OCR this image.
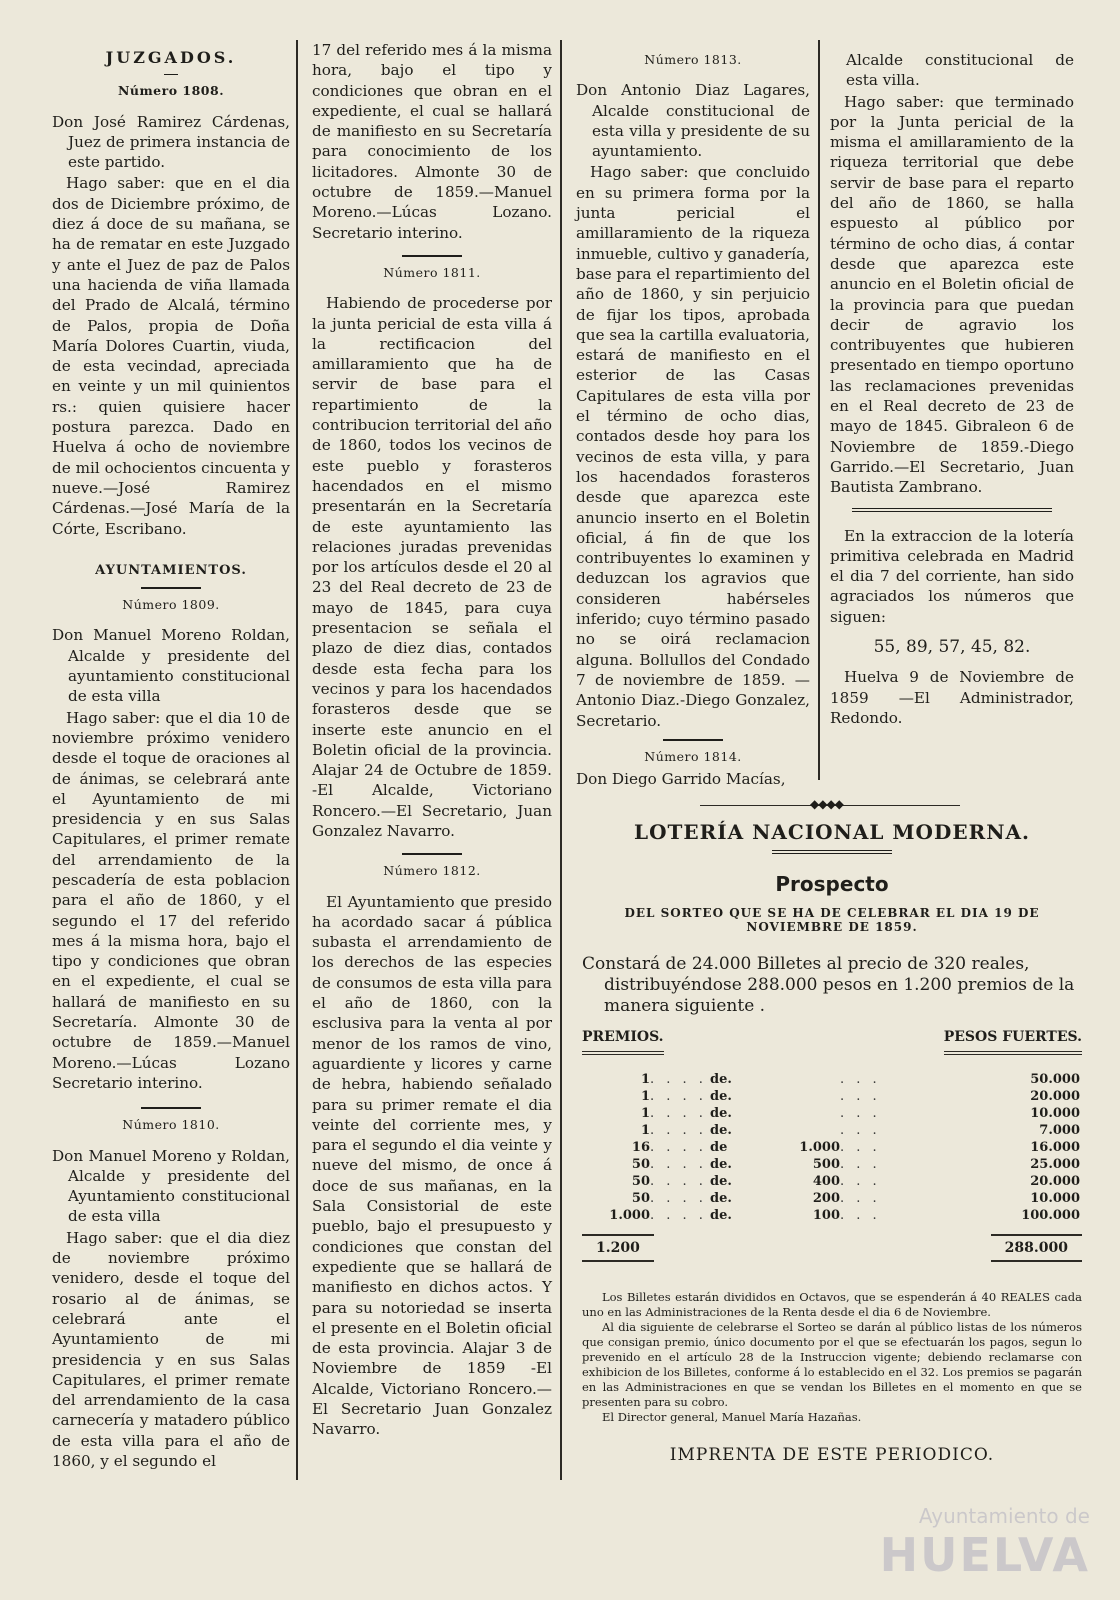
JUZGADOS.
Número 1808.

Don José Ramirez Cárdenas, Juez de primera instancia de este partido.

Hago saber: que en el dia dos de Diciembre próximo, de diez á doce de su mañana, se ha de rematar en este Juzgado y ante el Juez de paz de Palos una hacienda de viña llamada del Prado de Alcalá, término de Palos, propia de Doña María Dolores Cuartin, viuda, de esta vecindad, apreciada en veinte y un mil quinientos rs.: quien quisiere hacer postura parezca. Dado en Huelva á ocho de noviembre de mil ochocientos cincuenta y nueve.—José Ramirez Cárdenas.—José María de la Córte, Escribano.

AYUNTAMIENTOS.
Número 1809.

Don Manuel Moreno Roldan, Alcalde y presidente del ayuntamiento constitucional de esta villa

Hago saber: que el dia 10 de noviembre próximo venidero desde el toque de oraciones al de ánimas, se celebrará ante el Ayuntamiento de mi presidencia y en sus Salas Capitulares, el primer remate del arrendamiento de la pescadería de esta poblacion para el año de 1860, y el segundo el 17 del referido mes á la misma hora, bajo el tipo y condiciones que obran en el expediente, el cual se hallará de manifiesto en su Secretaría. Almonte 30 de octubre de 1859.—Manuel Moreno.—Lúcas Lozano Secretario interino.

Número 1810.

Don Manuel Moreno y Roldan, Alcalde y presidente del Ayuntamiento constitucional de esta villa

Hago saber: que el dia diez de noviembre próximo venidero, desde el toque del rosario al de ánimas, se celebrará ante el Ayuntamiento de mi presidencia y en sus Salas Capitulares, el primer remate del arrendamiento de la casa carnecería y matadero público de esta villa para el año de 1860, y el segundo el

17 del referido mes á la misma hora, bajo el tipo y condiciones que obran en el expediente, el cual se hallará de manifiesto en su Secretaría para conocimiento de los licitadores. Almonte 30 de octubre de 1859.—Manuel Moreno.—Lúcas Lozano. Secretario interino.

Número 1811.

Habiendo de procederse por la junta pericial de esta villa á la rectificacion del amillaramiento que ha de servir de base para el repartimiento de la contribucion territorial del año de 1860, todos los vecinos de este pueblo y forasteros hacendados en el mismo presentarán en la Secretaría de este ayuntamiento las relaciones juradas prevenidas por los artículos desde el 20 al 23 del Real decreto de 23 de mayo de 1845, para cuya presentacion se señala el plazo de diez dias, contados desde esta fecha para los vecinos y para los hacendados forasteros desde que se inserte este anuncio en el Boletin oficial de la provincia. Alajar 24 de Octubre de 1859. -El Alcalde, Victoriano Roncero.—El Secretario, Juan Gonzalez Navarro.

Número 1812.

El Ayuntamiento que presido ha acordado sacar á pública subasta el arrendamiento de los derechos de las especies de consumos de esta villa para el año de 1860, con la esclusiva para la venta al por menor de los ramos de vino, aguardiente y licores y carne de hebra, habiendo señalado para su primer remate el dia veinte del corriente mes, y para el segundo el dia veinte y nueve del mismo, de once á doce de sus mañanas, en la Sala Consistorial de este pueblo, bajo el presupuesto y condiciones que constan del expediente que se hallará de manifiesto en dichos actos. Y para su notoriedad se inserta el presente en el Boletin oficial de esta provincia. Alajar 3 de Noviembre de 1859 -El Alcalde, Victoriano Roncero.—El Secretario Juan Gonzalez Navarro.

Número 1813.

Don Antonio Diaz Lagares, Alcalde constitucional de esta villa y presidente de su ayuntamiento.

Hago saber: que concluido en su primera forma por la junta pericial el amillaramiento de la riqueza inmueble, cultivo y ganadería, base para el repartimiento del año de 1860, y sin perjuicio de fijar los tipos, aprobada que sea la cartilla evaluatoria, estará de manifiesto en el esterior de las Casas Capitulares de esta villa por el término de ocho dias, contados desde hoy para los vecinos de esta villa, y para los hacendados forasteros desde que aparezca este anuncio inserto en el Boletin oficial, á fin de que los contribuyentes lo examinen y deduzcan los agravios que consideren habérseles inferido; cuyo término pasado no se oirá reclamacion alguna. Bollullos del Condado 7 de noviembre de 1859. —Antonio Diaz.-Diego Gonzalez, Secretario.

Número 1814.

Don Diego Garrido Macías,

Alcalde constitucional de esta villa.

Hago saber: que terminado por la Junta pericial de la misma el amillaramiento de la riqueza territorial que debe servir de base para el reparto del año de 1860, se halla espuesto al público por término de ocho dias, á contar desde que aparezca este anuncio en el Boletin oficial de la provincia para que puedan decir de agravio los contribuyentes que hubieren presentado en tiempo oportuno las reclamaciones prevenidas en el Real decreto de 23 de mayo de 1845. Gibraleon 6 de Noviembre de 1859.-Diego Garrido.—El Secretario, Juan Bautista Zambrano.

En la extraccion de la lotería primitiva celebrada en Madrid el dia 7 del corriente, han sido agraciados los números que siguen:

55, 89, 57, 45, 82.

Huelva 9 de Noviembre de 1859 —El Administrador, Redondo.

◆◆◆◆
LOTERÍA NACIONAL MODERNA.
Prospecto
DEL SORTEO QUE SE HA DE CELEBRAR EL DIA 19 DE NOVIEMBRE DE 1859.
Constará de 24.000 Billetes al precio de 320 reales, distribuyéndose 288.000 pesos en 1.200 premios de la manera siguiente .
PREMIOS.	PESOS FUERTES.
1 . . . . de.	. . .	50.000
1 . . . . de.	. . .	20.000
1 . . . . de.	. . .	10.000
1 . . . . de.	. . .	7.000
16 . . . . de	1.000 . . .	16.000
50 . . . . de.	500 . . .	25.000
50 . . . . de.	400 . . .	20.000
50 . . . . de.	200 . . .	10.000
1.000 . . . . de.	100 . . .	100.000
1.200	288.000

Los Billetes estarán divididos en Octavos, que se espenderán á 40 REALES cada uno en las Administraciones de la Renta desde el dia 6 de Noviembre.

Al dia siguiente de celebrarse el Sorteo se darán al público listas de los números que consigan premio, único documento por el que se efectuarán los pagos, segun lo prevenido en el artículo 28 de la Instruccion vigente; debiendo reclamarse con exhibicion de los Billetes, conforme á lo establecido en el 32. Los premios se pagarán en las Administraciones en que se vendan los Billetes en el momento en que se presenten para su cobro.

El Director general, Manuel María Hazañas.

IMPRENTA DE ESTE PERIODICO.
Ayuntamiento de
HUELVA
